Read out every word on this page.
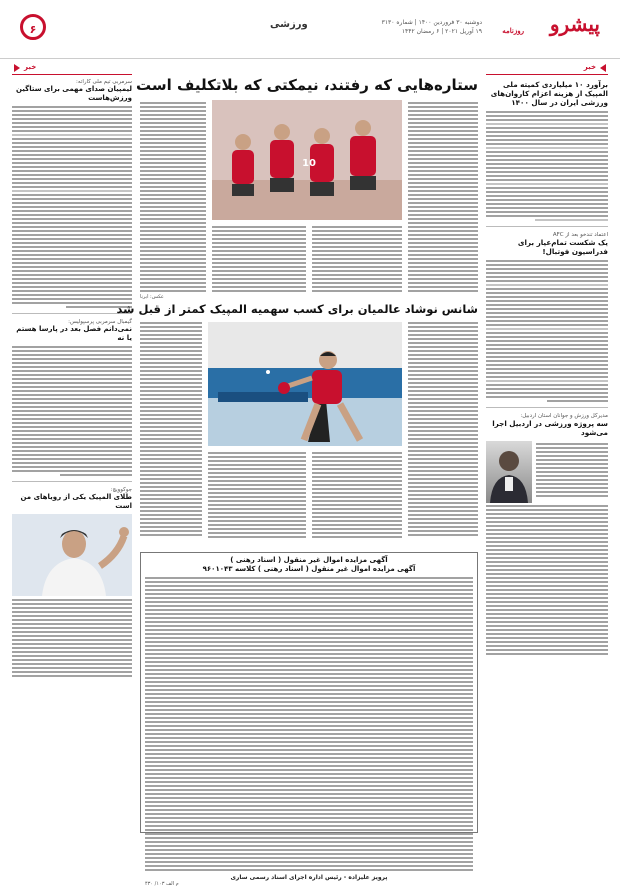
پیشرو
روزنامه
دوشنبه ۳۰ فروردین ۱۴۰۰ | شماره ۳۱۳۰
۱۹ آوریل ۲۰۲۱ | ۶ رمضان ۱۴۴۲
ورزشی
۶
خبر
برآورد ۱۰ میلیاردی کمیته ملی المپیک از هزینه اعزام کاروان‌های ورزشی ایران در سال ۱۴۰۰
اعتماد تندخو بعد از AFC
یک شکست تمام‌عیار برای فدراسیون فوتبال!
مدیرکل ورزش و جوانان استان اردبیل:
سه پروژه ورزشی در اردبیل اجرا می‌شود
خبر
سرمربی تیم ملی کاراته:
لیمپیان صدای مهمی برای ستاگین ورزش‌هاست
گیمبال سرمربی پرسپولیس:
نمی‌دانم فصل بعد در پارسا هستم یا نه
جوکوویچ:
طلای المپیک یکی از رویاهای من است
ستاره‌هایی که رفتند، نیمکتی که بلاتکلیف است
10
عکس: ایرنا
شانس نوشاد عالمیان برای کسب سهمیه المپیک کمتر از قبل شد
آگهی مزایده اموال غیر منقول ( اسناد رهنی )
آگهی مزایده اموال غیر منقول ( اسناد رهنی ) کلاسه ۹۶۰۱۰۴۳
پرویز علیزاده - رئیس اداره اجرای اسناد رسمی ساری
م الف ۱۰۳/ ۴۳۰
